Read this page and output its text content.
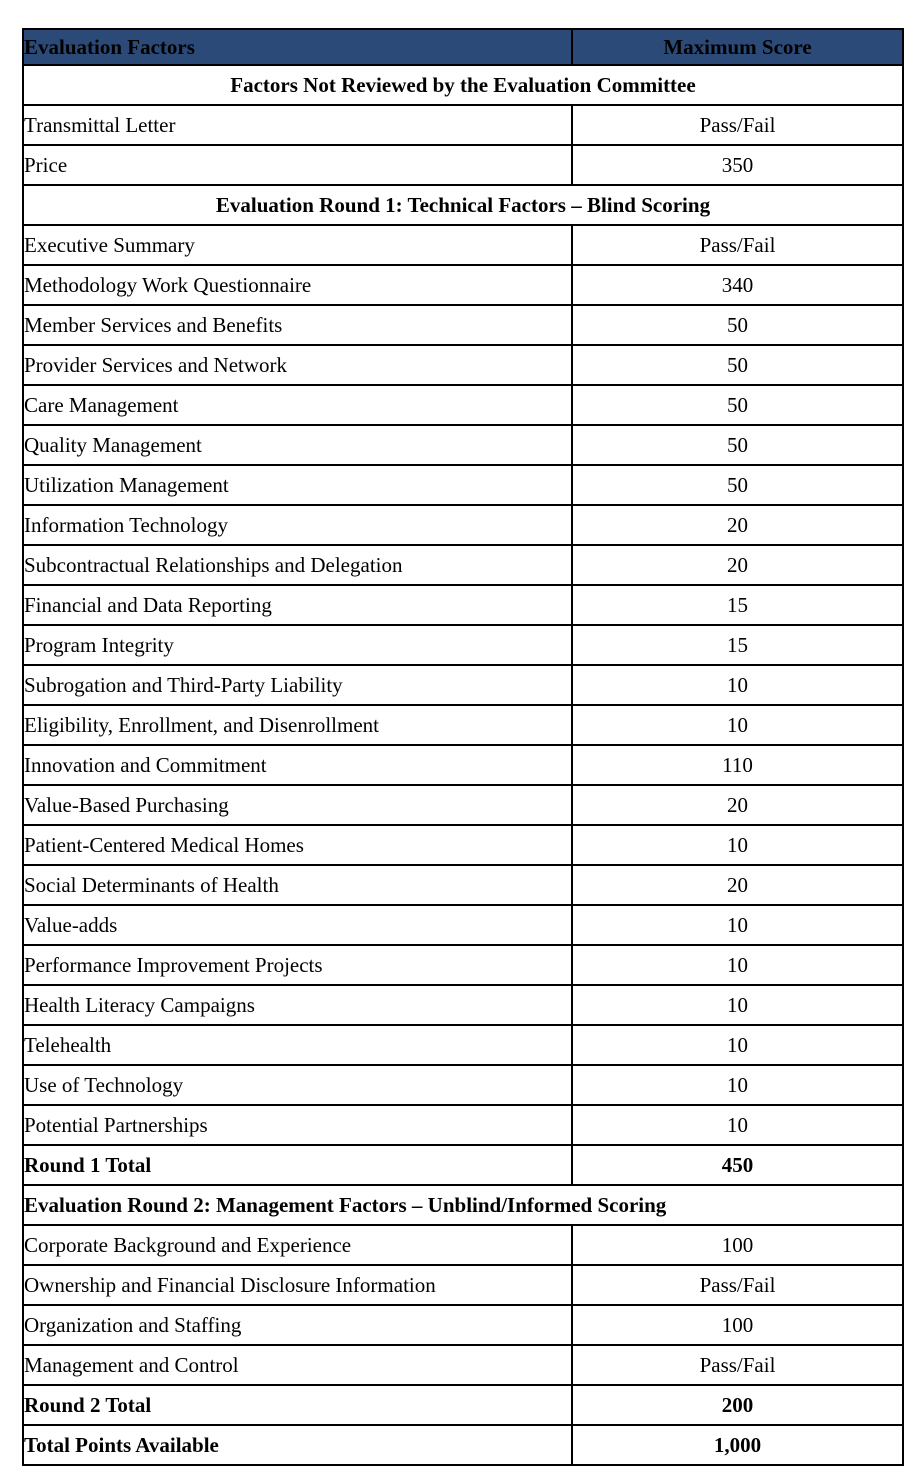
Evaluation Factors	Maximum Score
Factors Not Reviewed by the Evaluation Committee	
Transmittal Letter	Pass/Fail
Price	350
Evaluation Round 1: Technical Factors – Blind Scoring	
Executive Summary	Pass/Fail
Methodology Work Questionnaire	340
Member Services and Benefits	50
Provider Services and Network	50
Care Management	50
Quality Management	50
Utilization Management	50
Information Technology	20
Subcontractual Relationships and Delegation	20
Financial and Data Reporting	15
Program Integrity	15
Subrogation and Third-Party Liability	10
Eligibility, Enrollment, and Disenrollment	10
Innovation and Commitment	110
Value-Based Purchasing	20
Patient-Centered Medical Homes	10
Social Determinants of Health	20
Value-adds	10
Performance Improvement Projects	10
Health Literacy Campaigns	10
Telehealth	10
Use of Technology	10
Potential Partnerships	10
Round 1 Total	450
Evaluation Round 2: Management Factors – Unblind/Informed Scoring	
Corporate Background and Experience	100
Ownership and Financial Disclosure Information	Pass/Fail
Organization and Staffing	100
Management and Control	Pass/Fail
Round 2 Total	200
Total Points Available	1,000
